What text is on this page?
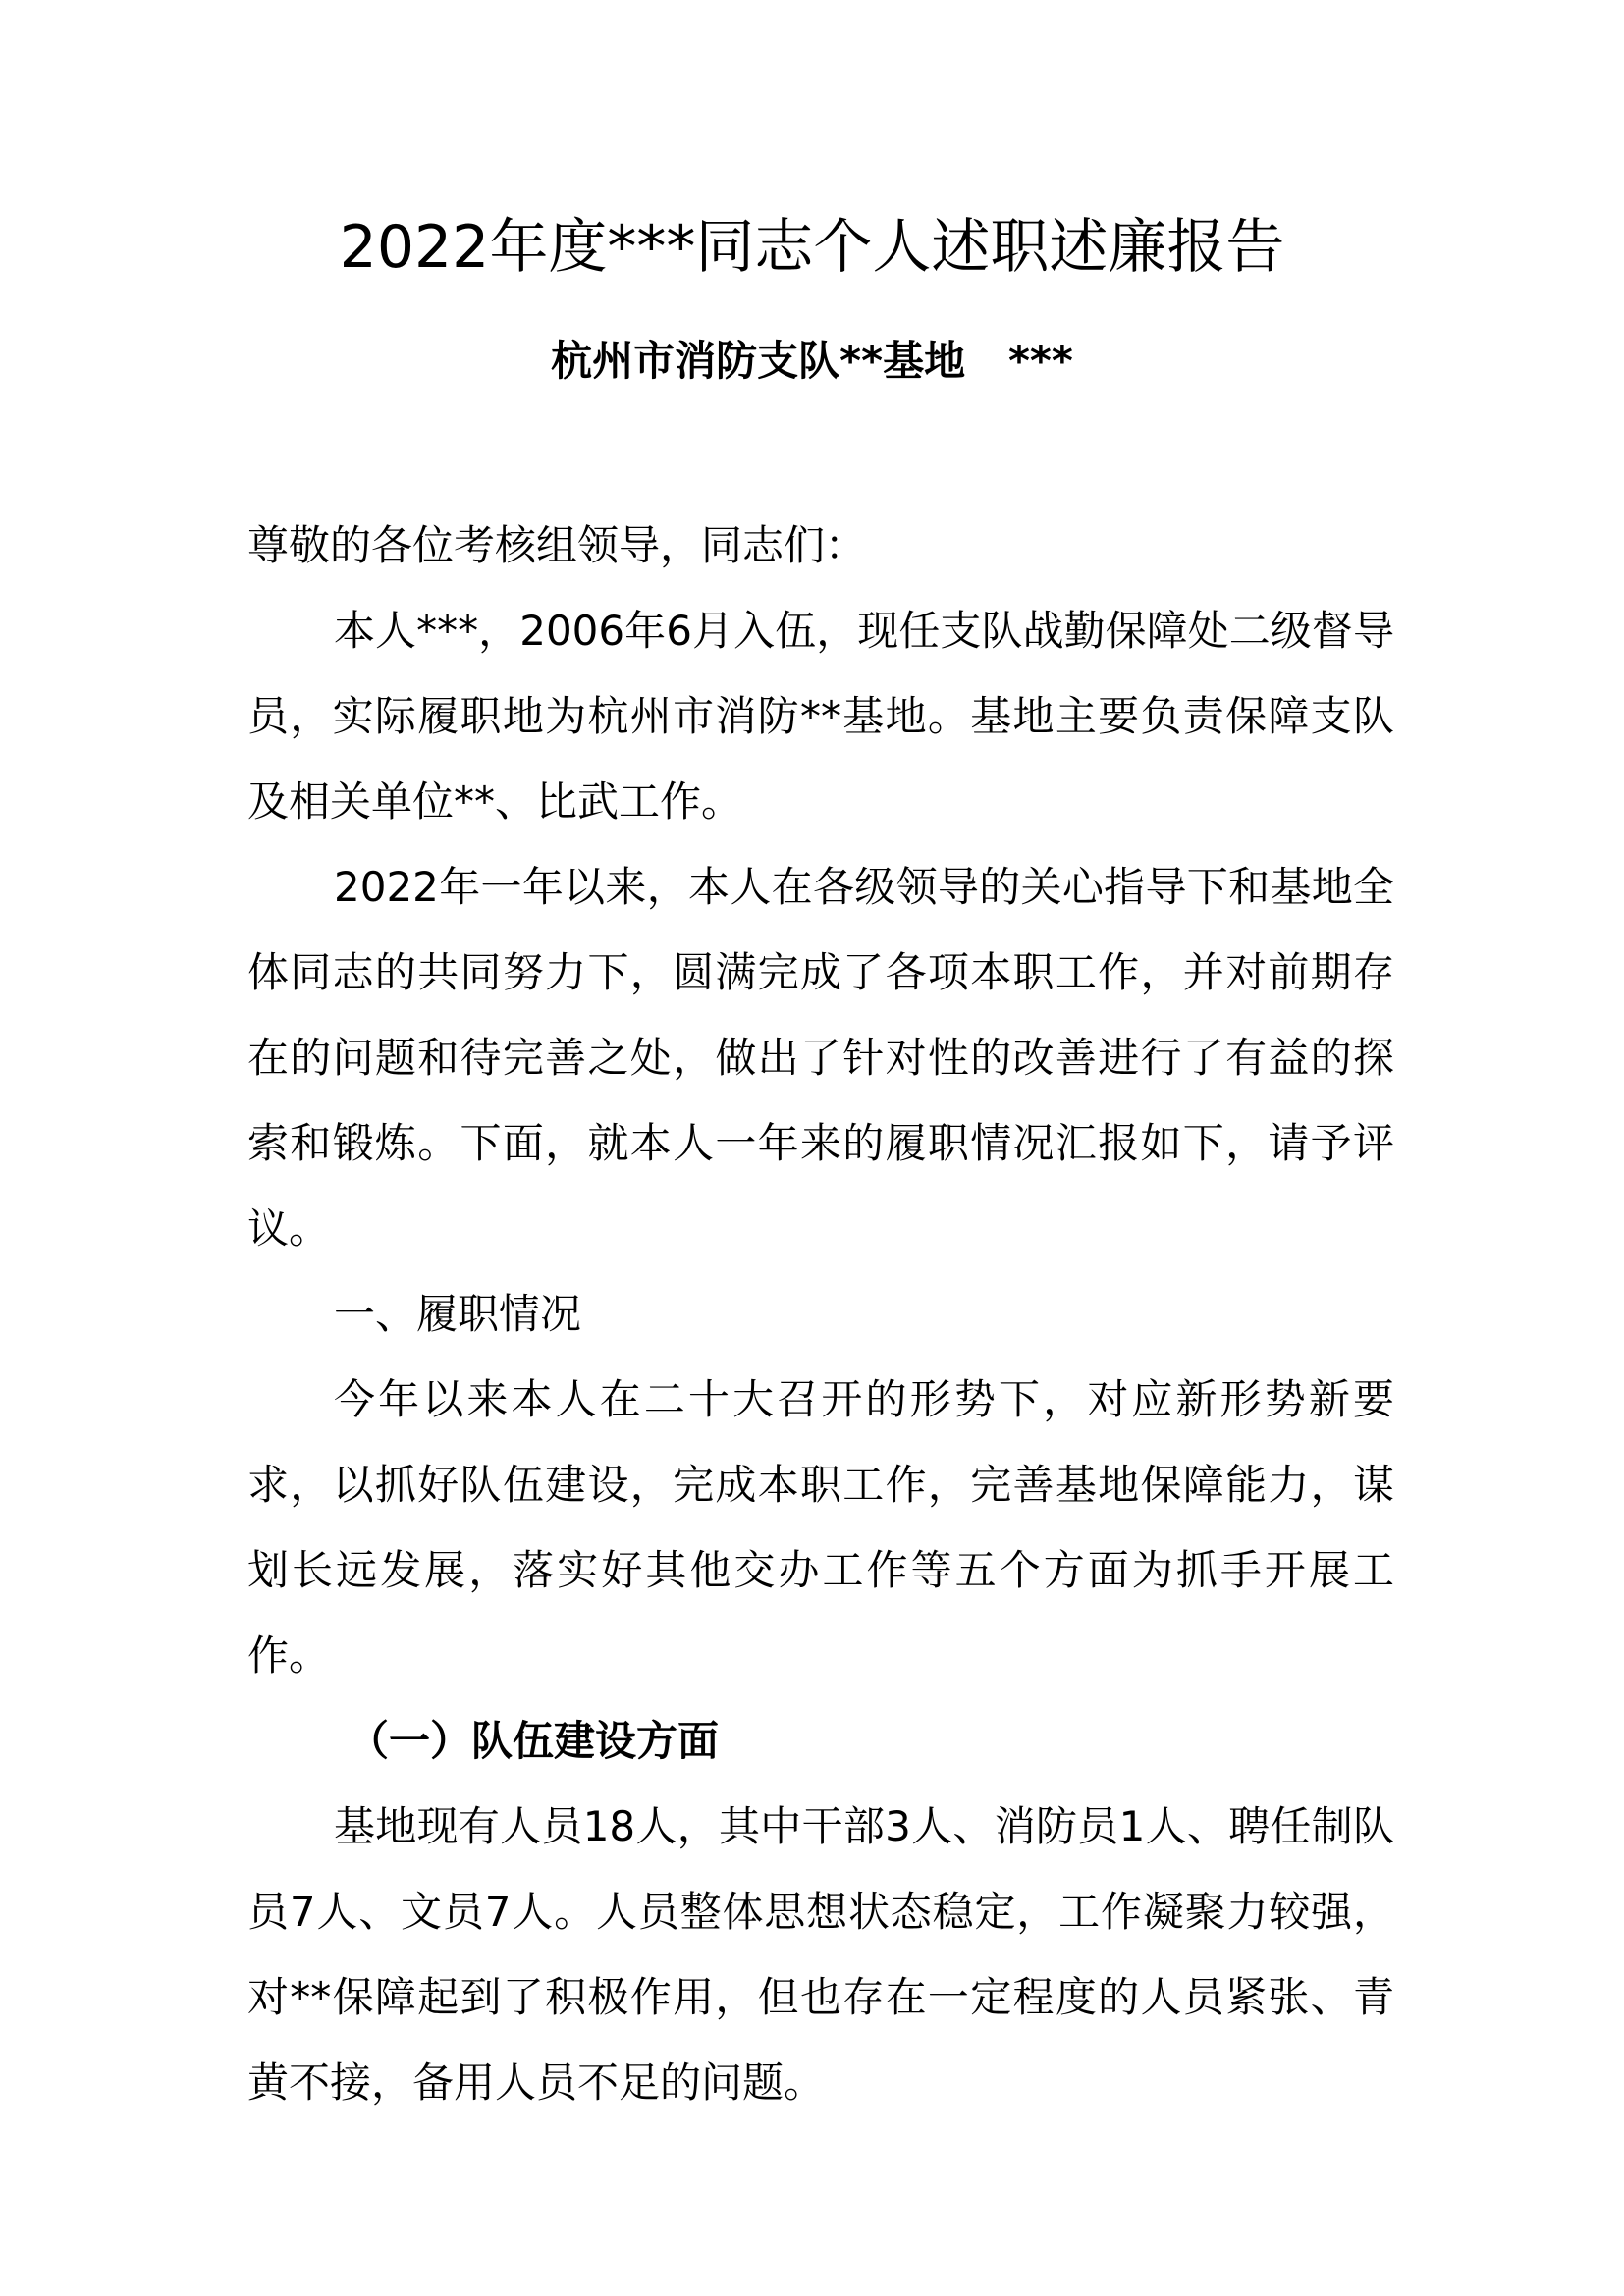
2022年度***同志个人述职述廉报告
杭州市消防支队**基地   ***

尊敬的各位考核组领导，同志们：

本人***，2006年6月入伍，现任支队战勤保障处二级督导员，实际履职地为杭州市消防**基地。基地主要负责保障支队及相关单位**、比武工作。

2022年一年以来，本人在各级领导的关心指导下和基地全体同志的共同努力下，圆满完成了各项本职工作，并对前期存在的问题和待完善之处，做出了针对性的改善进行了有益的探索和锻炼。下面，就本人一年来的履职情况汇报如下，请予评议。

一、履职情况

今年以来本人在二十大召开的形势下，对应新形势新要求，以抓好队伍建设，完成本职工作，完善基地保障能力，谋划长远发展，落实好其他交办工作等五个方面为抓手开展工作。

（一）队伍建设方面

基地现有人员18人，其中干部3人、消防员1人、聘任制队员7人、文员7人。人员整体思想状态稳定，工作凝聚力较强，对**保障起到了积极作用，但也存在一定程度的人员紧张、青黄不接，备用人员不足的问题。
